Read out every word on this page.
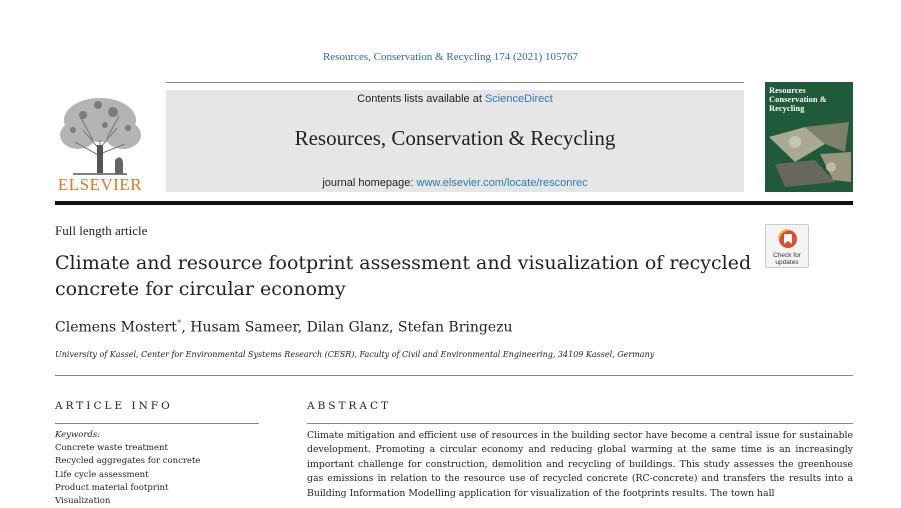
Resources, Conservation & Recycling 174 (2021) 105767
ELSEVIER
Contents lists available at ScienceDirect
Resources, Conservation & Recycling
journal homepage: www.elsevier.com/locate/resconrec
Resources Conservation & Recycling
Full length article
Check for updates
Climate and resource footprint assessment and visualization of recycled concrete for circular economy
Clemens Mostert*, Husam Sameer, Dilan Glanz, Stefan Bringezu
University of Kassel, Center for Environmental Systems Research (CESR), Faculty of Civil and Environmental Engineering, 34109 Kassel, Germany
ARTICLE INFO	ABSTRACT
Keywords:
Concrete waste treatment
Recycled aggregates for concrete
Life cycle assessment
Product material footprint
Visualization
Climate mitigation and efficient use of resources in the building sector have become a central issue for sustainable development. Promoting a circular economy and reducing global warming at the same time is an increasingly important challenge for construction, demolition and recycling of buildings. This study assesses the greenhouse gas emissions in relation to the resource use of recycled concrete (RC-concrete) and transfers the results into a Building Information Modelling application for visualization of the footprints results. The town hall
